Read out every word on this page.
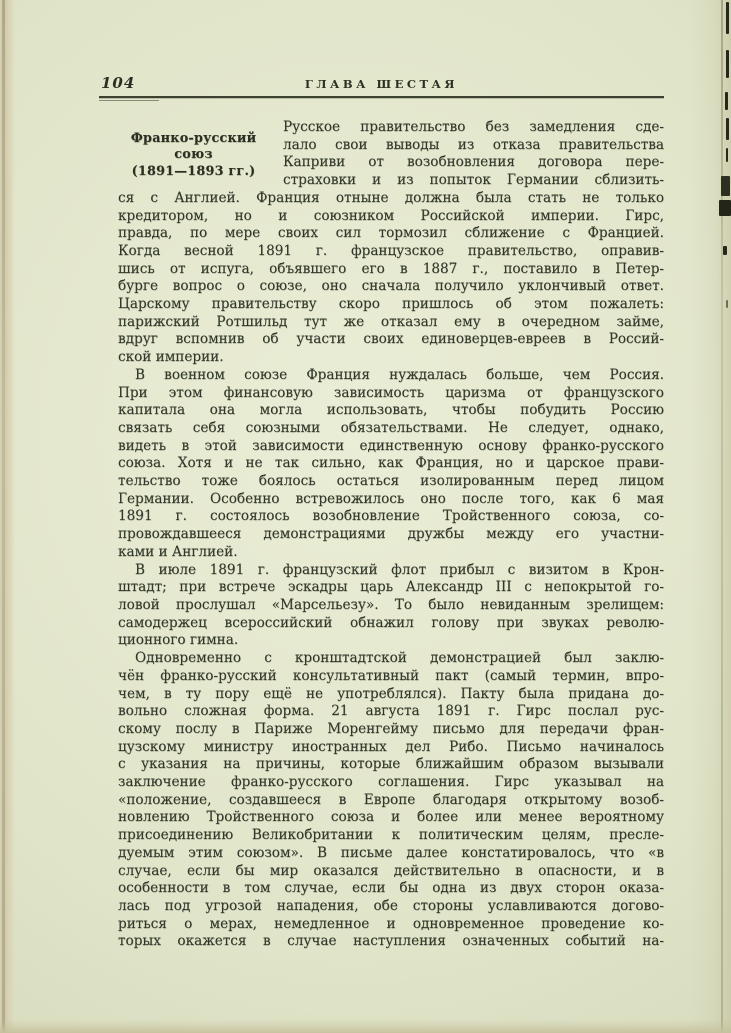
104	ГЛАВА ШЕСТАЯ
Франко-русский
союз
(1891—1893 гг.)
Русское правительство без замедления сде-
лало свои выводы из отказа правительства
Каприви от возобновления договора пере-
страховки и из попыток Германии сблизить-
ся с Англией. Франция отныне должна была стать не только
кредитором, но и союзником Российской империи. Гирс,
правда, по мере своих сил тормозил сближение с Францией.
Когда весной 1891 г. французское правительство, оправив-
шись от испуга, объявшего его в 1887 г., поставило в Петер-
бурге вопрос о союзе, оно сначала получило уклончивый ответ.
Царскому правительству скоро пришлось об этом пожалеть:
парижский Ротшильд тут же отказал ему в очередном займе,
вдруг вспомнив об участи своих единоверцев-евреев в Россий-
ской империи.
В военном союзе Франция нуждалась больше, чем Россия.
При этом финансовую зависимость царизма от французского
капитала она могла использовать, чтобы побудить Россию
связать себя союзными обязательствами. Не следует, однако,
видеть в этой зависимости единственную основу франко-русского
союза. Хотя и не так сильно, как Франция, но и царское прави-
тельство тоже боялось остаться изолированным перед лицом
Германии. Особенно встревожилось оно после того, как 6 мая
1891 г. состоялось возобновление Тройственного союза, со-
провождавшееся демонстрациями дружбы между его участни-
ками и Англией.
В июле 1891 г. французский флот прибыл с визитом в Крон-
штадт; при встрече эскадры царь Александр III с непокрытой го-
ловой прослушал «Марсельезу». То было невиданным зрелищем:
самодержец всероссийский обнажил голову при звуках револю-
ционного гимна.
Одновременно с кронштадтской демонстрацией был заклю-
чён франко-русский консультативный пакт (самый термин, впро-
чем, в ту пору ещё не употреблялся). Пакту была придана до-
вольно сложная форма. 21 августа 1891 г. Гирс послал рус-
скому послу в Париже Моренгейму письмо для передачи фран-
цузскому министру иностранных дел Рибо. Письмо начиналось
с указания на причины, которые ближайшим образом вызывали
заключение франко-русского соглашения. Гирс указывал на
«положение, создавшееся в Европе благодаря открытому возоб-
новлению Тройственного союза и более или менее вероятному
присоединению Великобритании к политическим целям, пресле-
дуемым этим союзом». В письме далее констатировалось, что «в
случае, если бы мир оказался действительно в опасности, и в
особенности в том случае, если бы одна из двух сторон оказа-
лась под угрозой нападения, обе стороны уславливаются догово-
риться о мерах, немедленное и одновременное проведение ко-
торых окажется в случае наступления означенных событий на-
